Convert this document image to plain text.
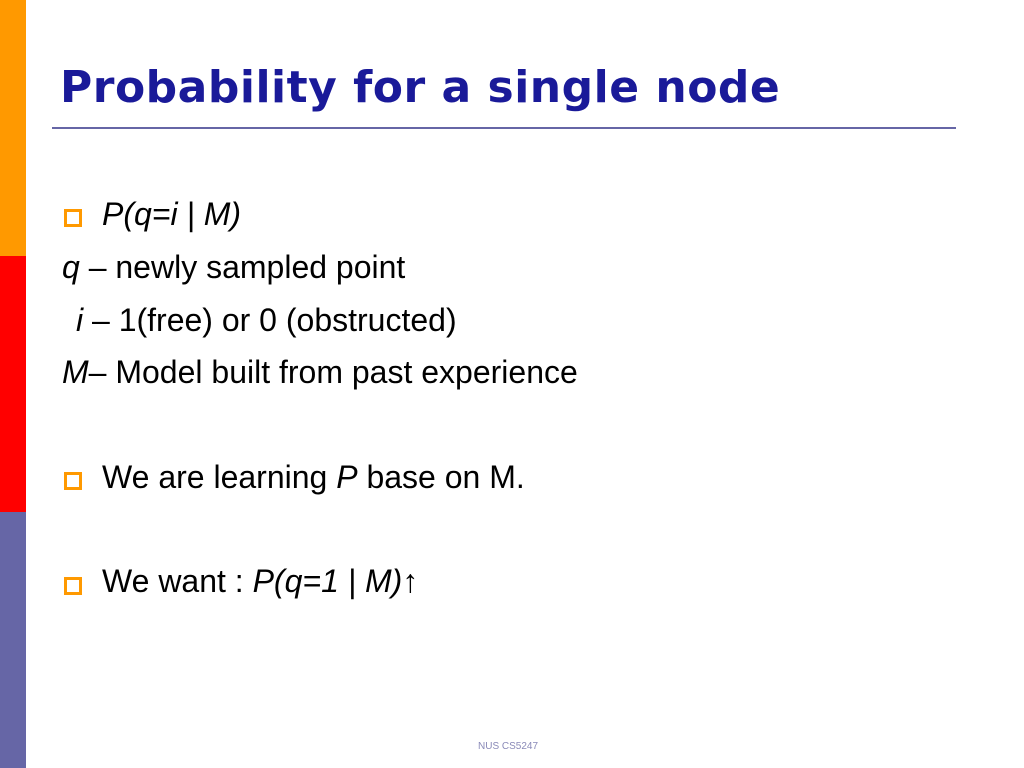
Probability for a single node
P(q=i | M)
q – newly sampled point
i – 1(free) or 0 (obstructed)
M– Model built from past experience
We are learning P base on M.
We want : P(q=1 | M)↑
NUS CS5247
